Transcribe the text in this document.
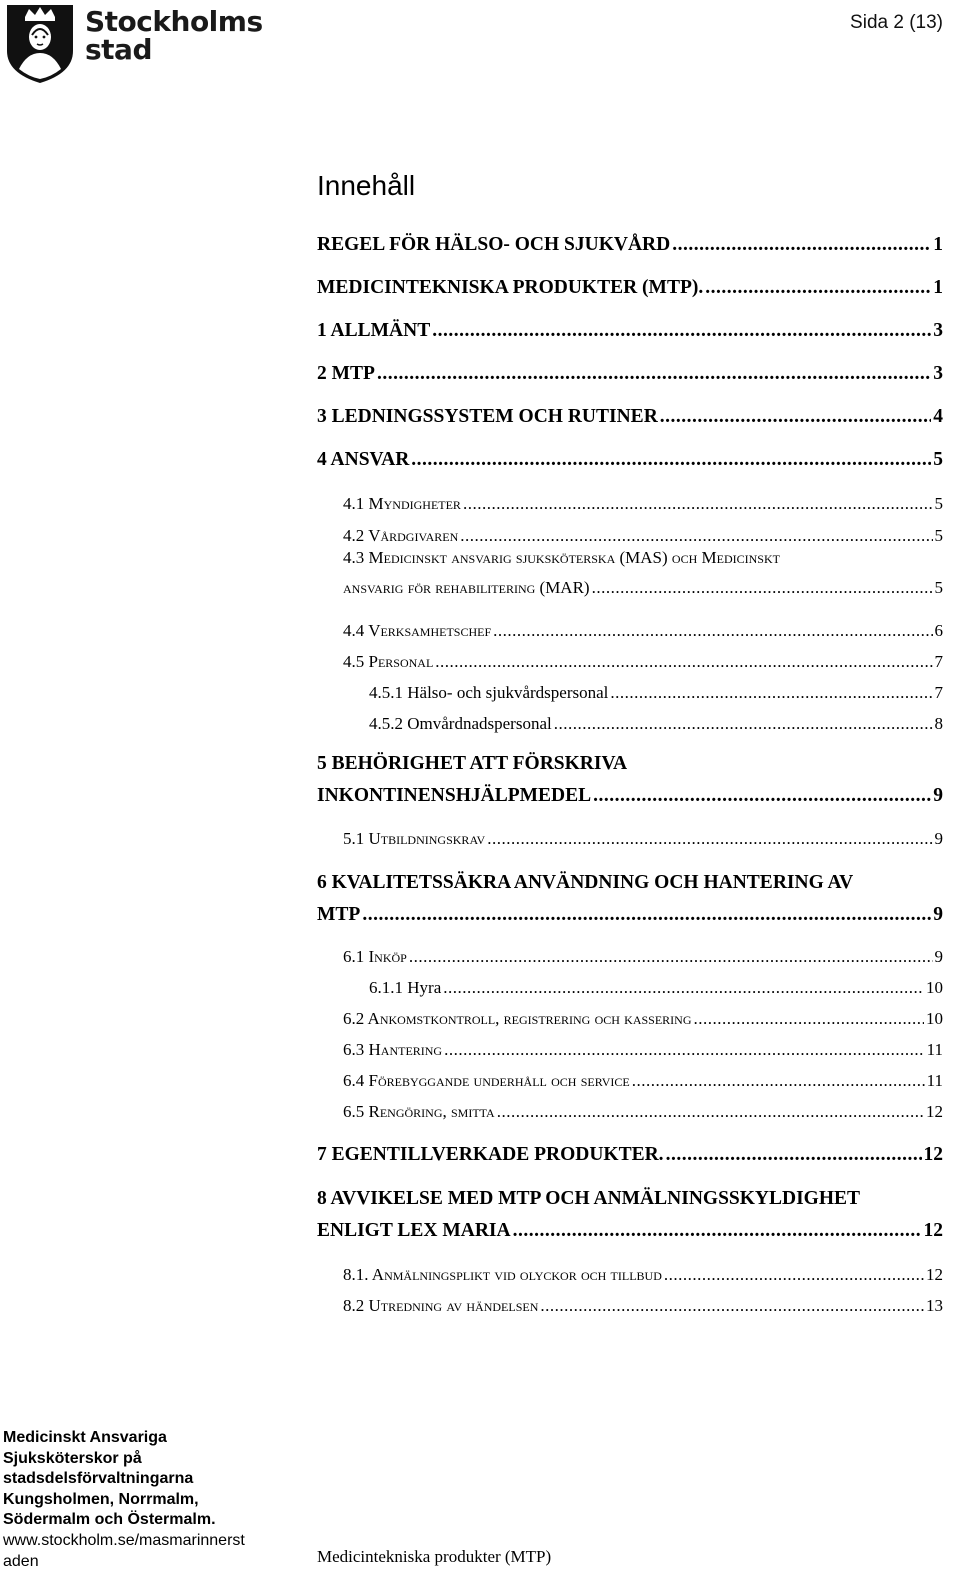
Stockholms
stad
Sida 2 (13)
Innehåll
REGEL FÖR HÄLSO- OCH SJUKVÅRD .....	1
MEDICINTEKNISKA PRODUKTER (MTP). .....	1
1 ALLMÄNT .....	3
2 MTP .....	3
3 LEDNINGSSYSTEM OCH RUTINER .....	4
4 ANSVAR .....	5
4.1 Myndigheter .....	5
4.2 Vårdgivaren .....	5
4.3 Medicinskt ansvarig sjuksköterska (MAS) och Medicinskt
ansvarig för rehabilitering (MAR) .....	5
4.4 Verksamhetschef .....	6
4.5 Personal .....	7
4.5.1 Hälso- och sjukvårdspersonal .....	7
4.5.2 Omvårdnadspersonal .....	8
5 BEHÖRIGHET ATT FÖRSKRIVA
INKONTINENSHJÄLPMEDEL .....	9
5.1 Utbildningskrav .....	9
6 KVALITETSSÄKRA ANVÄNDNING OCH HANTERING AV
MTP .....	9
6.1 Inköp .....	9
6.1.1 Hyra .....	10
6.2 Ankomstkontroll, registrering och kassering .....	10
6.3 Hantering .....	11
6.4 Förebyggande underhåll och service .....	11
6.5 Rengöring, smitta .....	12
7 EGENTILLVERKADE PRODUKTER. .....	12
8 AVVIKELSE MED MTP OCH ANMÄLNINGSSKYLDIGHET
ENLIGT LEX MARIA .....	12
8.1. Anmälningsplikt vid olyckor och tillbud .....	12
8.2 Utredning av händelsen .....	13
Medicinskt Ansvariga Sjuksköterskor på stadsdelsförvaltningarna Kungsholmen, Norrmalm, Södermalm och Östermalm.
www.stockholm.se/masmarinnerstaden	Medicintekniska produkter (MTP)
